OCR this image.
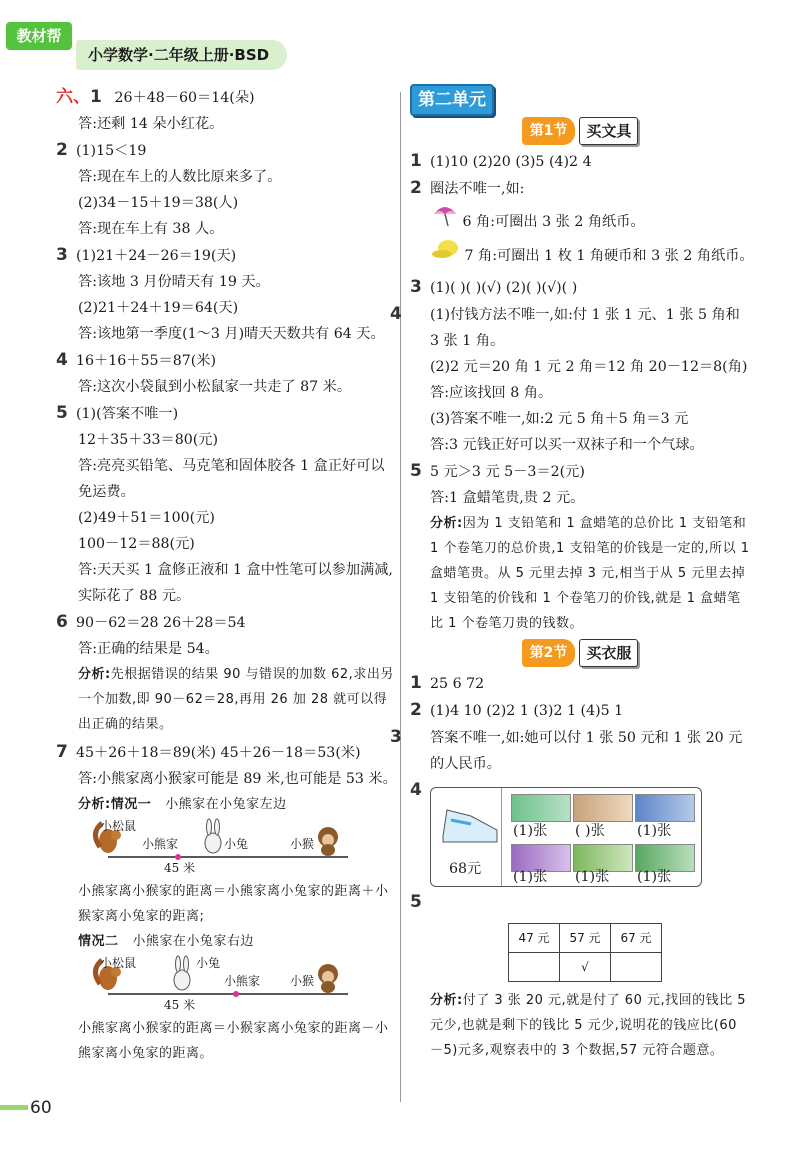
教材帮
小学数学·二年级上册·BSD
60
六、1 26＋48－60＝14(朵)
答:还剩 14 朵小红花。
2 (1)15＜19
答:现在车上的人数比原来多了。
(2)34－15＋19＝38(人)
答:现在车上有 38 人。
3 (1)21＋24－26＝19(天)
答:该地 3 月份晴天有 19 天。
(2)21＋24＋19＝64(天)
答:该地第一季度(1～3 月)晴天天数共有 64 天。
4 16＋16＋55＝87(米)
答:这次小袋鼠到小松鼠家一共走了 87 米。
5 (1)(答案不唯一)
12＋35＋33＝80(元)
答:亮亮买铅笔、马克笔和固体胶各 1 盒正好可以免运费。
(2)49＋51＝100(元)
100－12＝88(元)
答:天天买 1 盒修正液和 1 盒中性笔可以参加满减,实际花了 88 元。
6 90－62＝28 26＋28＝54
答:正确的结果是 54。
分析:先根据错误的结果 90 与错误的加数 62,求出另一个加数,即 90－62＝28,再用 26 加 28 就可以得出正确的结果。
7 45＋26＋18＝89(米) 45＋26－18＝53(米)
答:小熊家离小猴家可能是 89 米,也可能是 53 米。
分析:情况一 小熊家在小兔家左边
小松鼠
小熊家	小兔	小猴
45 米
小熊家离小猴家的距离＝小熊家离小兔家的距离＋小猴家离小兔家的距离;
情况二 小熊家在小兔家右边
小松鼠	小兔
小熊家 小猴
45 米
小熊家离小猴家的距离＝小猴家离小兔家的距离－小熊家离小兔家的距离。
第二单元
第1节	买文具
1 (1)10 (2)20 (3)5 (4)2 4
2 圈法不唯一,如:
6 角:可圈出 3 张 2 角纸币。
7 角:可圈出 1 枚 1 角硬币和 3 张 2 角纸币。
3 (1)( )( )(√) (2)( )(√)( )
4 (1)付钱方法不唯一,如:付 1 张 1 元、1 张 5 角和 3 张 1 角。
(2)2 元＝20 角 1 元 2 角＝12 角 20－12＝8(角)
答:应该找回 8 角。
(3)答案不唯一,如:2 元 5 角＋5 角＝3 元
答:3 元钱正好可以买一双袜子和一个气球。
5 5 元＞3 元 5－3＝2(元)
答:1 盒蜡笔贵,贵 2 元。
分析:因为 1 支铅笔和 1 盒蜡笔的总价比 1 支铅笔和 1 个卷笔刀的总价贵,1 支铅笔的价钱是一定的,所以 1 盒蜡笔贵。从 5 元里去掉 3 元,相当于从 5 元里去掉 1 支铅笔的价钱和 1 个卷笔刀的价钱,就是 1 盒蜡笔比 1 个卷笔刀贵的钱数。
第2节	买衣服
1 25 6 72
2 (1)4 10 (2)2 1 (3)2 1 (4)5 1
3 答案不唯一,如:她可以付 1 张 50 元和 1 张 20 元的人民币。
4
68元
(1)张 ( )张 (1)张
(1)张 (1)张 (1)张
5
47 元	57 元	67 元
	√	
分析:付了 3 张 20 元,就是付了 60 元,找回的钱比 5 元少,也就是剩下的钱比 5 元少,说明花的钱应比(60－5)元多,观察表中的 3 个数据,57 元符合题意。
